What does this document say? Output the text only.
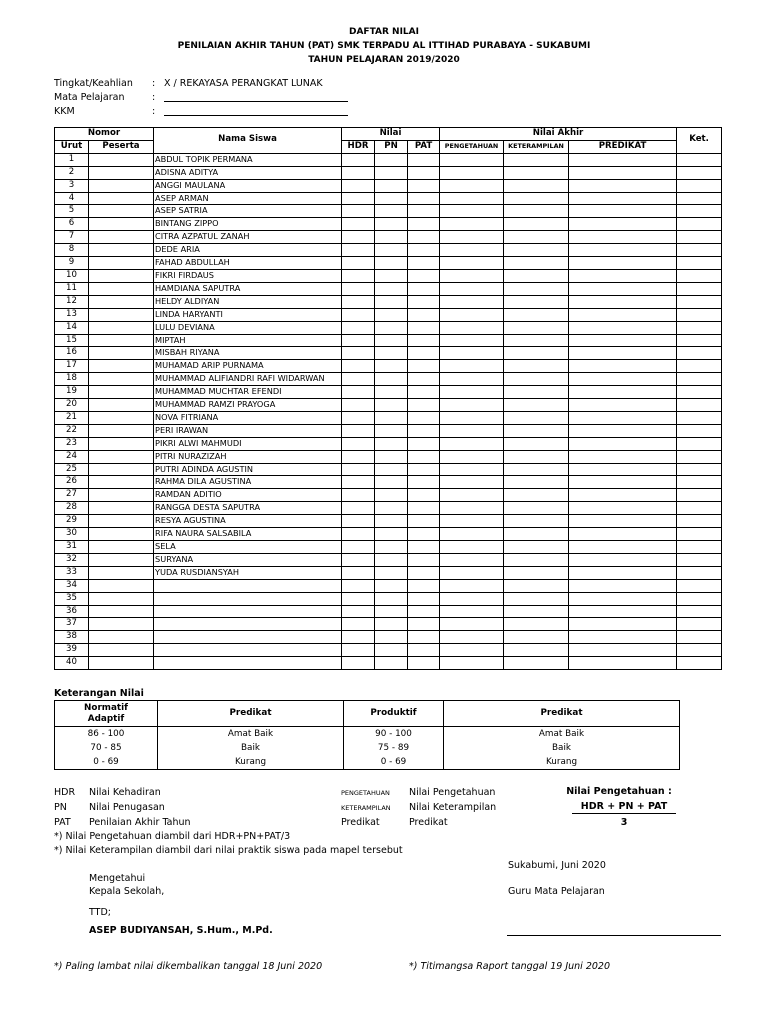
DAFTAR NILAI
PENILAIAN AKHIR TAHUN (PAT) SMK TERPADU AL ITTIHAD PURABAYA - SUKABUMI
TAHUN PELAJARAN 2019/2020
Tingkat/Keahlian : X / REKAYASA PERANGKAT LUNAK
Mata Pelajaran	:
KKM	:
Nomor		Nama Siswa	Nilai			Nilai Akhir			Ket.
Urut	Peserta		HDR	PN	PAT	PENGETAHUAN	KETERAMPILAN	PREDIKAT	
1		ABDUL TOPIK PERMANA							
2		ADISNA ADITYA							
3		ANGGI MAULANA							
4		ASEP ARMAN							
5		ASEP SATRIA							
6		BINTANG ZIPPO							
7		CITRA AZPATUL ZANAH							
8		DEDE ARIA							
9		FAHAD ABDULLAH							
10		FIKRI FIRDAUS							
11		HAMDIANA SAPUTRA							
12		HELDY ALDIYAN							
13		LINDA HARYANTI							
14		LULU DEVIANA							
15		MIPTAH							
16		MISBAH RIYANA							
17		MUHAMAD ARIP PURNAMA							
18		MUHAMMAD ALIFIANDRI RAFI WIDARWAN							
19		MUHAMMAD MUCHTAR EFENDI							
20		MUHAMMAD RAMZI PRAYOGA							
21		NOVA FITRIANA							
22		PERI IRAWAN							
23		PIKRI ALWI MAHMUDI							
24		PITRI NURAZIZAH							
25		PUTRI ADINDA AGUSTIN							
26		RAHMA DILA AGUSTINA							
27		RAMDAN ADITIO							
28		RANGGA DESTA SAPUTRA							
29		RESYA AGUSTINA							
30		RIFA NAURA SALSABILA							
31		SELA							
32		SURYANA							
33		YUDA RUSDIANSYAH							
34									
35									
36									
37									
38									
39									
40									
Keterangan Nilai
Normatif
Adaptif	Predikat	Produktif	Predikat
86 - 100	Amat Baik	90 - 100	Amat Baik
70 - 85	Baik	75 - 89	Baik
0 - 69	Kurang	0 - 69	Kurang
HDR Nilai Kehadiran
PN Nilai Penugasan
PAT Penilaian Akhir Tahun
PENGETAHUAN Nilai Pengetahuan
KETERAMPILAN Nilai Keterampilan
Predikat	Predikat
Nilai Pengetahuan :
HDR + PN + PAT
3
*) Nilai Pengetahuan diambil dari HDR+PN+PAT/3
*) Nilai Keterampilan diambil dari nilai praktik siswa pada mapel tersebut
Sukabumi, Juni 2020
Mengetahui
Kepala Sekolah,	Guru Mata Pelajaran
TTD;
ASEP BUDIYANSAH, S.Hum., M.Pd.
*) Paling lambat nilai dikembalikan tanggal 18 Juni 2020	*) Titimangsa Raport tanggal 19 Juni 2020
